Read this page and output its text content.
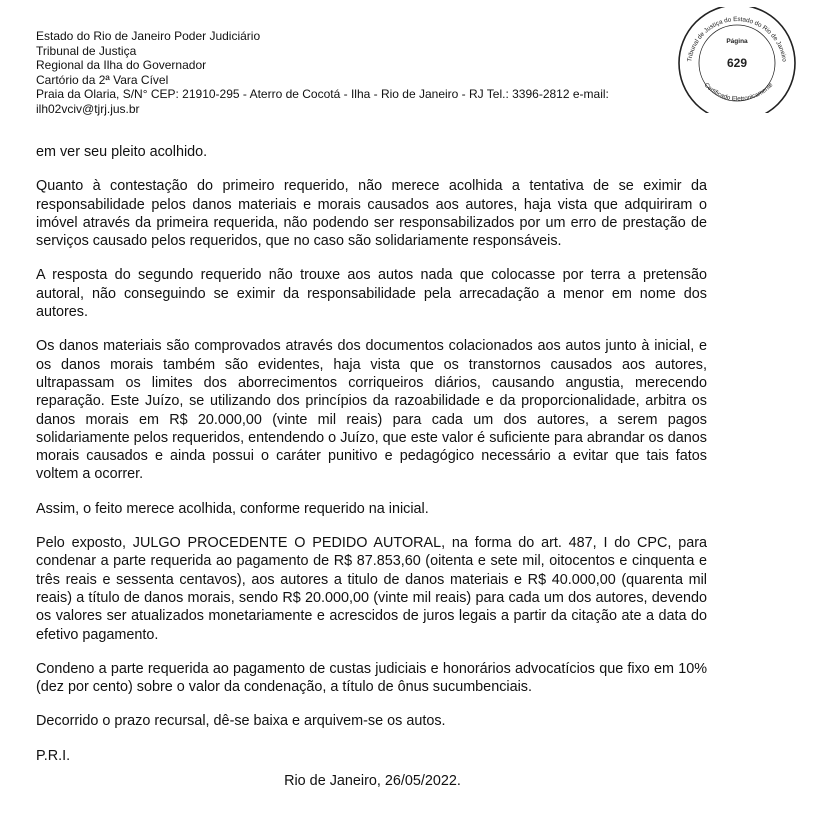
Estado do Rio de Janeiro Poder Judiciário
Tribunal de Justiça
Regional da Ilha do Governador
Cartório da 2ª Vara Cível
Praia da Olaria, S/N° CEP: 21910-295 - Aterro de Cocotá - Ilha - Rio de Janeiro - RJ Tel.: 3396-2812 e-mail:
ilh02vciv@tjrj.jus.br
Tribunal de Justiça do Estado do Rio de Janeiro
Certificado Eletronicamente
Página
629

em ver seu pleito acolhido.

Quanto à contestação do primeiro requerido, não merece acolhida a tentativa de se eximir da responsabilidade pelos danos materiais e morais causados aos autores, haja vista que adquiriram o imóvel através da primeira requerida, não podendo ser responsabilizados por um erro de prestação de serviços causado pelos requeridos, que no caso são solidariamente responsáveis.

A resposta do segundo requerido não trouxe aos autos nada que colocasse por terra a pretensão autoral, não conseguindo se eximir da responsabilidade pela arrecadação a menor em nome dos autores.

Os danos materiais são comprovados através dos documentos colacionados aos autos junto à inicial, e os danos morais também são evidentes, haja vista que os transtornos causados aos autores, ultrapassam os limites dos aborrecimentos corriqueiros diários, causando angustia, merecendo reparação. Este Juízo, se utilizando dos princípios da razoabilidade e da proporcionalidade, arbitra os danos morais em R$ 20.000,00 (vinte mil reais) para cada um dos autores, a serem pagos solidariamente pelos requeridos, entendendo o Juízo, que este valor é suficiente para abrandar os danos morais causados e ainda possui o caráter punitivo e pedagógico necessário a evitar que tais fatos voltem a ocorrer.

Assim, o feito merece acolhida, conforme requerido na inicial.

Pelo exposto, JULGO PROCEDENTE O PEDIDO AUTORAL, na forma do art. 487, I do CPC, para condenar a parte requerida ao pagamento de R$ 87.853,60 (oitenta e sete mil, oitocentos e cinquenta e três reais e sessenta centavos), aos autores a titulo de danos materiais e R$ 40.000,00 (quarenta mil reais) a título de danos morais, sendo R$ 20.000,00 (vinte mil reais) para cada um dos autores, devendo os valores ser atualizados monetariamente e acrescidos de juros legais a partir da citação ate a data do efetivo pagamento.

Condeno a parte requerida ao pagamento de custas judiciais e honorários advocatícios que fixo em 10% (dez por cento) sobre o valor da condenação, a título de ônus sucumbenciais.

Decorrido o prazo recursal, dê-se baixa e arquivem-se os autos.

P.R.I.

Rio de Janeiro, 26/05/2022.
